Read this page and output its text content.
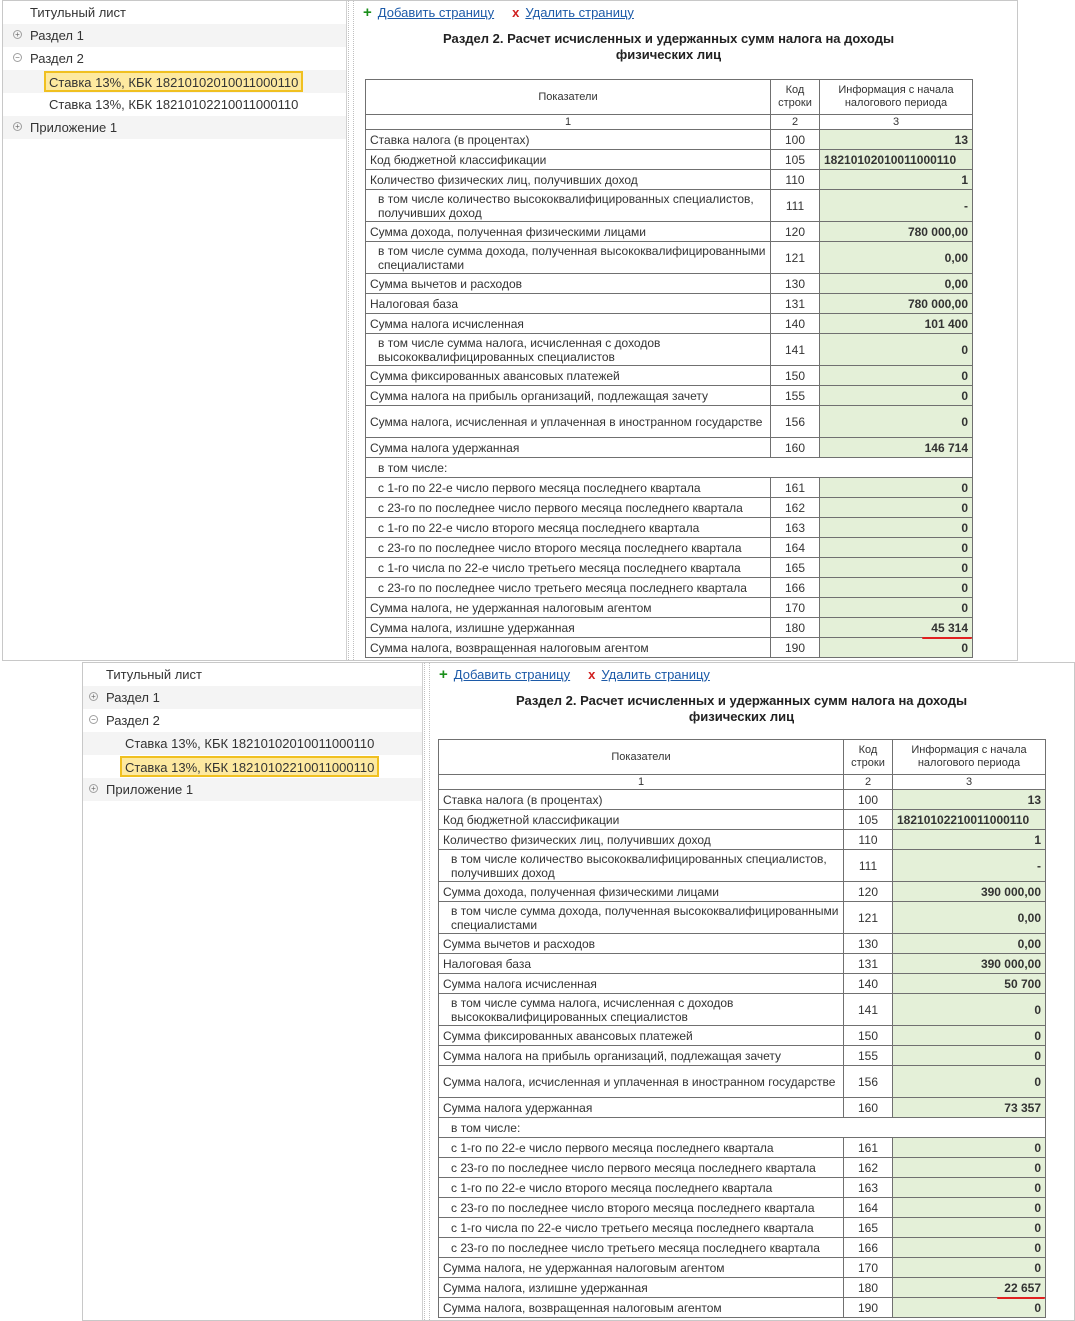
Титульный лист
+ Раздел 1
− Раздел 2
Ставка 13%, КБК 18210102010011000110
Ставка 13%, КБК 18210102210011000110
+ Приложение 1
+ Добавить страницу x Удалить страницу
Раздел 2. Расчет исчисленных и удержанных сумм налога на доходы
физических лиц
Показатели	Код строки	Информация с начала налогового периода
1	2	3
Ставка налога (в процентах)	100	13
Код бюджетной классификации	105	18210102010011000110
Количество физических лиц, получивших доход	110	1
в том числе количество высококвалифицированных специалистов, получивших доход	111	-
Сумма дохода, полученная физическими лицами	120	780 000,00
в том числе сумма дохода, полученная высококвалифицированными специалистами	121	0,00
Сумма вычетов и расходов	130	0,00
Налоговая база	131	780 000,00
Сумма налога исчисленная	140	101 400
в том числе сумма налога, исчисленная с доходов высококвалифицированных специалистов	141	0
Сумма фиксированных авансовых платежей	150	0
Сумма налога на прибыль организаций, подлежащая зачету	155	0
Сумма налога, исчисленная и уплаченная в иностранном государстве	156	0
Сумма налога удержанная	160	146 714
в том числе:		
с 1-го по 22-е число первого месяца последнего квартала	161	0
с 23-го по последнее число первого месяца последнего квартала	162	0
с 1-го по 22-е число второго месяца последнего квартала	163	0
с 23-го по последнее число второго месяца последнего квартала	164	0
с 1-го числа по 22-е число третьего месяца последнего квартала	165	0
с 23-го по последнее число третьего месяца последнего квартала	166	0
Сумма налога, не удержанная налоговым агентом	170	0
Сумма налога, излишне удержанная	180	45 314
Сумма налога, возвращенная налоговым агентом	190	0
Титульный лист
+ Раздел 1
− Раздел 2
Ставка 13%, КБК 18210102010011000110
Ставка 13%, КБК 18210102210011000110
+ Приложение 1
+ Добавить страницу x Удалить страницу
Раздел 2. Расчет исчисленных и удержанных сумм налога на доходы
физических лиц
Показатели	Код строки	Информация с начала налогового периода
1	2	3
Ставка налога (в процентах)	100	13
Код бюджетной классификации	105	18210102210011000110
Количество физических лиц, получивших доход	110	1
в том числе количество высококвалифицированных специалистов, получивших доход	111	-
Сумма дохода, полученная физическими лицами	120	390 000,00
в том числе сумма дохода, полученная высококвалифицированными специалистами	121	0,00
Сумма вычетов и расходов	130	0,00
Налоговая база	131	390 000,00
Сумма налога исчисленная	140	50 700
в том числе сумма налога, исчисленная с доходов высококвалифицированных специалистов	141	0
Сумма фиксированных авансовых платежей	150	0
Сумма налога на прибыль организаций, подлежащая зачету	155	0
Сумма налога, исчисленная и уплаченная в иностранном государстве	156	0
Сумма налога удержанная	160	73 357
в том числе:		
с 1-го по 22-е число первого месяца последнего квартала	161	0
с 23-го по последнее число первого месяца последнего квартала	162	0
с 1-го по 22-е число второго месяца последнего квартала	163	0
с 23-го по последнее число второго месяца последнего квартала	164	0
с 1-го числа по 22-е число третьего месяца последнего квартала	165	0
с 23-го по последнее число третьего месяца последнего квартала	166	0
Сумма налога, не удержанная налоговым агентом	170	0
Сумма налога, излишне удержанная	180	22 657
Сумма налога, возвращенная налоговым агентом	190	0
